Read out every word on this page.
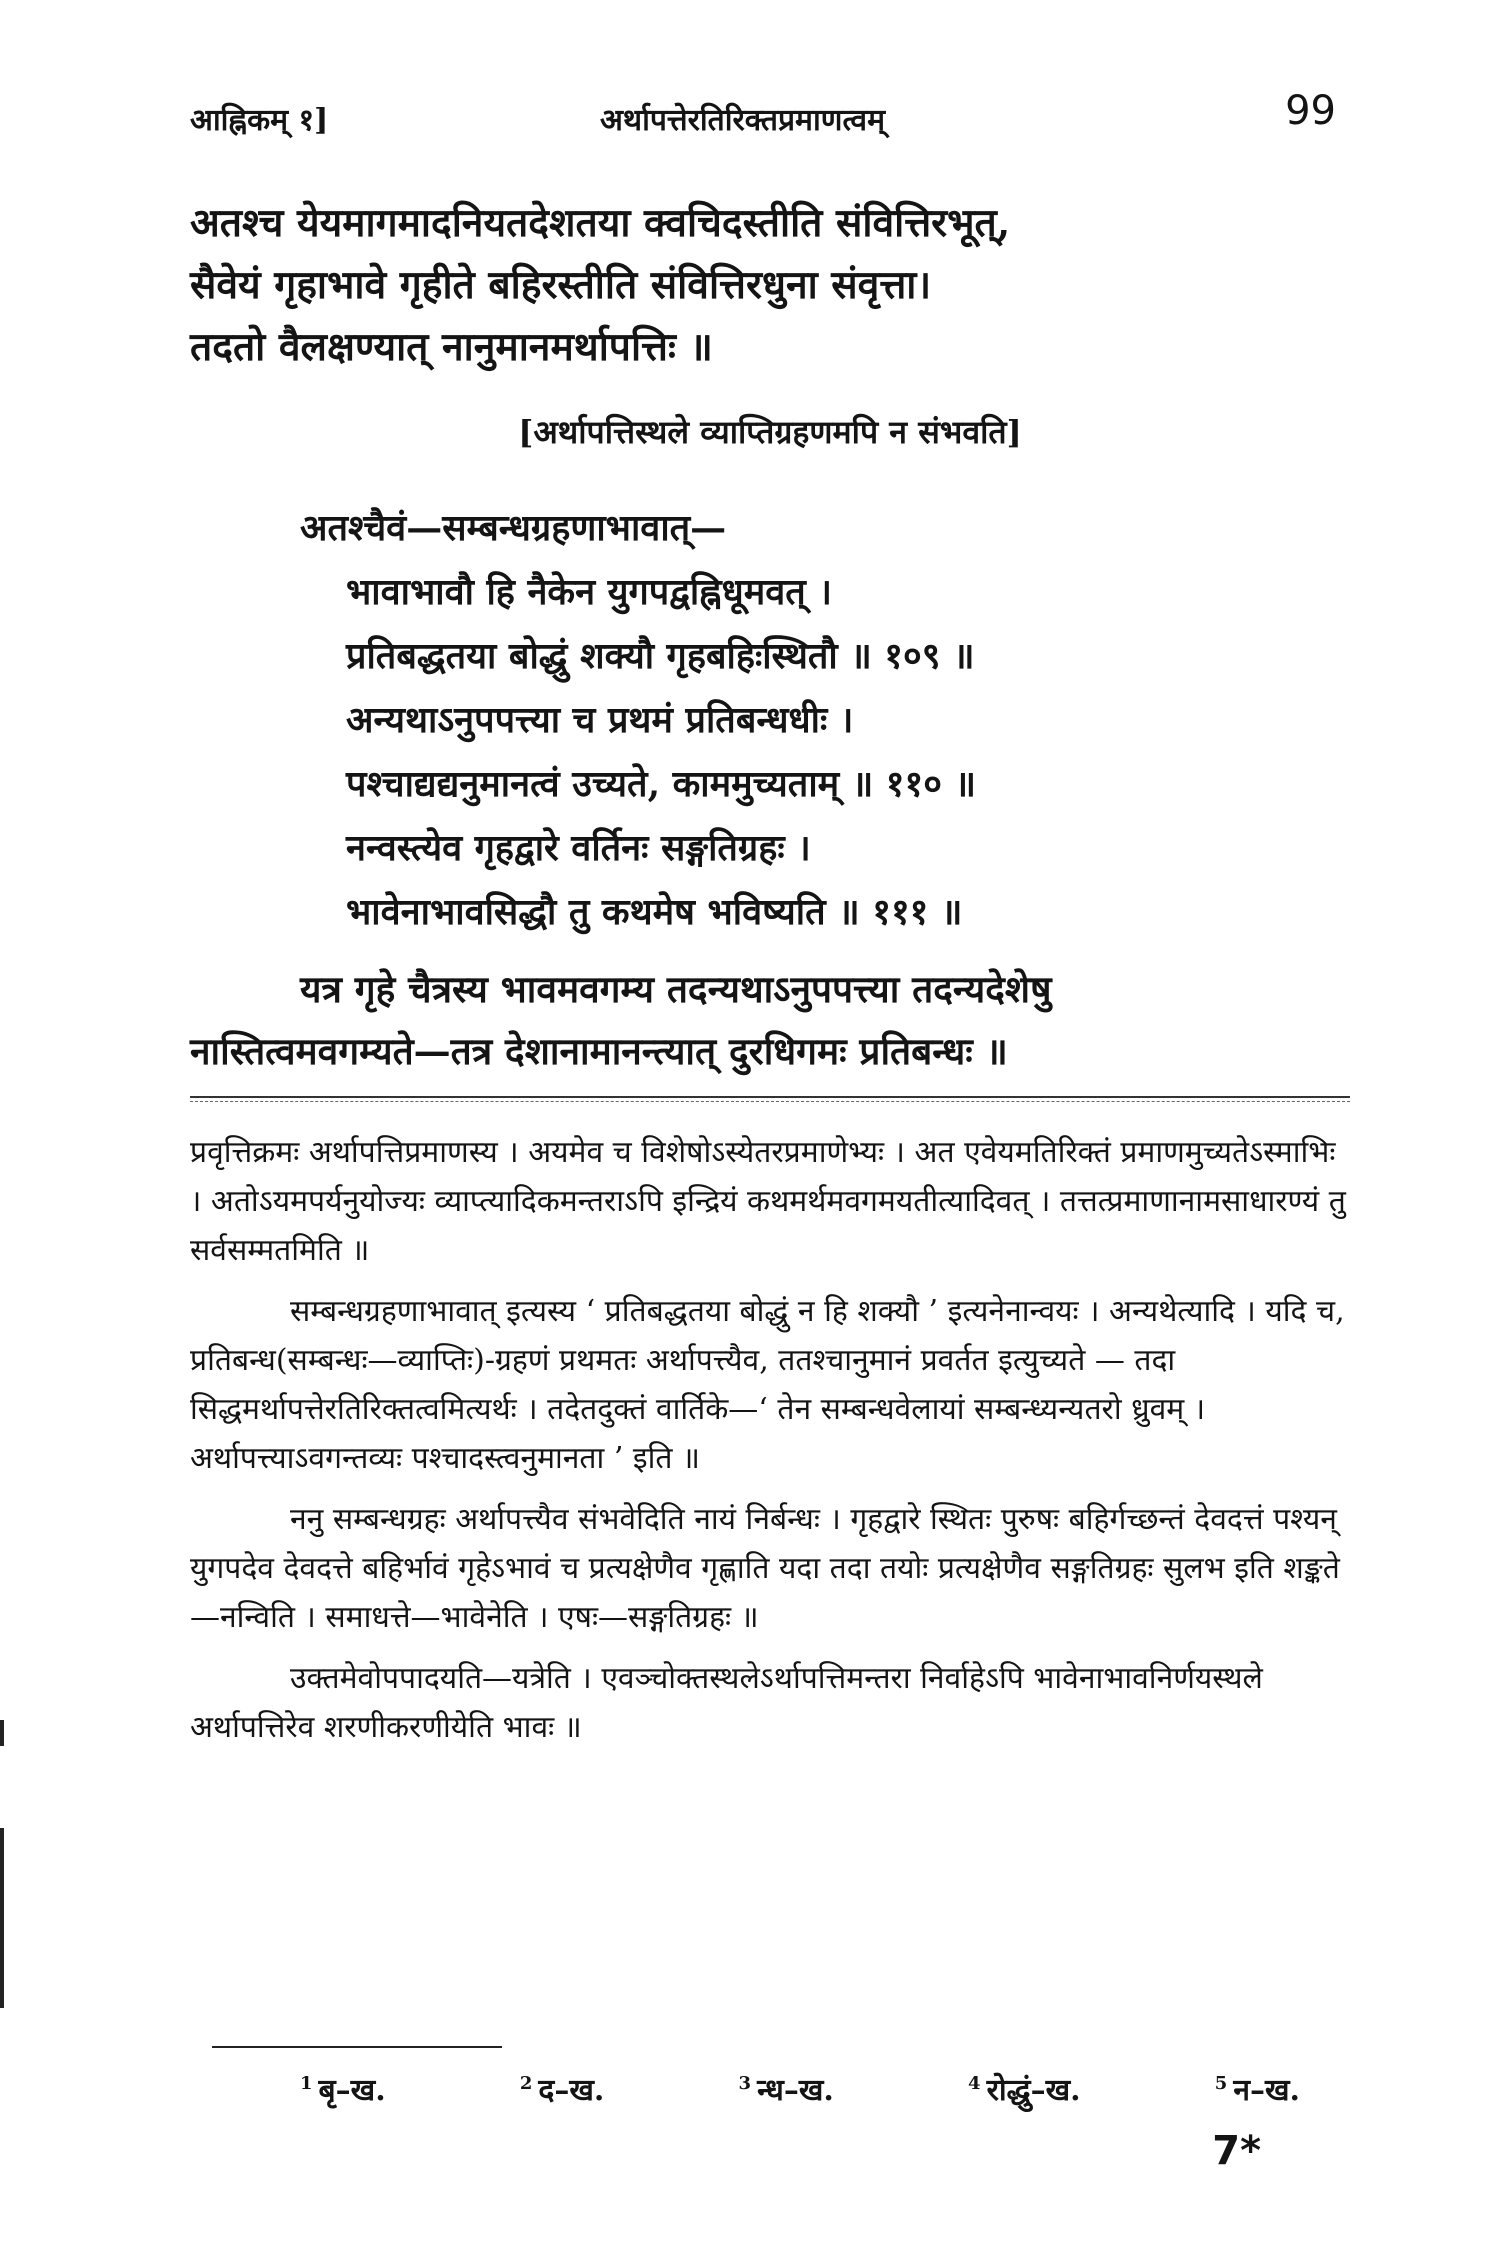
आह्निकम् १]	अर्थापत्तेरतिरिक्तप्रमाणत्वम्	99

अतश्च येयमागमादनियतदेशतया क्वचिदस्तीति संवित्तिरभूत्,

सैवेयं गृहाभावे गृहीते बहिरस्तीति संवित्तिरधुना संवृत्ता।

तदतो वैलक्षण्यात् नानुमानमर्थापत्तिः ॥

[अर्थापत्तिस्थले व्याप्तिग्रहणमपि न संभवति]

अतश्चैवं—सम्बन्धग्रहणाभावात्—

भावाभावौ हि नैकेन युगपद्वह्निधूमवत् ।

प्रतिबद्धतया बोद्धुं शक्यौ गृहबहिःस्थितौ ॥ १०९ ॥

अन्यथाऽनुपपत्त्या च प्रथमं प्रतिबन्धधीः ।

पश्चाद्यद्यनुमानत्वं उच्यते, काममुच्यताम् ॥ ११० ॥

नन्वस्त्येव गृहद्वारे वर्तिनः सङ्गतिग्रहः ।

भावेनाभावसिद्धौ तु कथमेष भविष्यति ॥ १११ ॥

यत्र गृहे चैत्रस्य भावमवगम्य तदन्यथाऽनुपपत्त्या तदन्यदेशेषु

नास्तित्वमवगम्यते—तत्र देशानामानन्त्यात् दुरधिगमः प्रतिबन्धः ॥

प्रवृत्तिक्रमः अर्थापत्तिप्रमाणस्य । अयमेव च विशेषोऽस्येतरप्रमाणेभ्यः । अत एवेयमतिरिक्तं प्रमाणमुच्यतेऽस्माभिः । अतोऽयमपर्यनुयोज्यः व्याप्त्यादिकमन्तराऽपि इन्द्रियं कथमर्थमवगमयतीत्यादिवत् । तत्तत्प्रमाणानामसाधारण्यं तु सर्वसम्मतमिति ॥

सम्बन्धग्रहणाभावात् इत्यस्य ‘ प्रतिबद्धतया बोद्धुं न हि शक्यौ ’ इत्यनेनान्वयः । अन्यथेत्यादि । यदि च, प्रतिबन्ध(सम्बन्धः—व्याप्तिः)-ग्रहणं प्रथमतः अर्थापत्त्यैव, ततश्चानुमानं प्रवर्तत इत्युच्यते — तदा सिद्धमर्थापत्तेरतिरिक्तत्वमित्यर्थः । तदेतदुक्तं वार्तिके—‘ तेन सम्बन्धवेलायां सम्बन्ध्यन्यतरो ध्रुवम् । अर्थापत्त्याऽवगन्तव्यः पश्चादस्त्वनुमानता ’ इति ॥

ननु सम्बन्धग्रहः अर्थापत्त्यैव संभवेदिति नायं निर्बन्धः । गृहद्वारे स्थितः पुरुषः बहिर्गच्छन्तं देवदत्तं पश्यन् युगपदेव देवदत्ते बहिर्भावं गृहेऽभावं च प्रत्यक्षेणैव गृह्णाति यदा तदा तयोः प्रत्यक्षेणैव सङ्गतिग्रहः सुलभ इति शङ्कते—नन्विति । समाधत्ते—भावेनेति । एषः—सङ्गतिग्रहः ॥

उक्तमेवोपपादयति—यत्रेति । एवञ्चोक्तस्थलेऽर्थापत्तिमन्तरा निर्वाहेऽपि भावेनाभावनिर्णयस्थले अर्थापत्तिरेव शरणीकरणीयेति भावः ॥

$^1$ बृ–ख.	$^2$ द–ख.	$^3$ न्ध–ख.	$^4$ रोद्धुं–ख.	$^5$ न–ख.
7*
